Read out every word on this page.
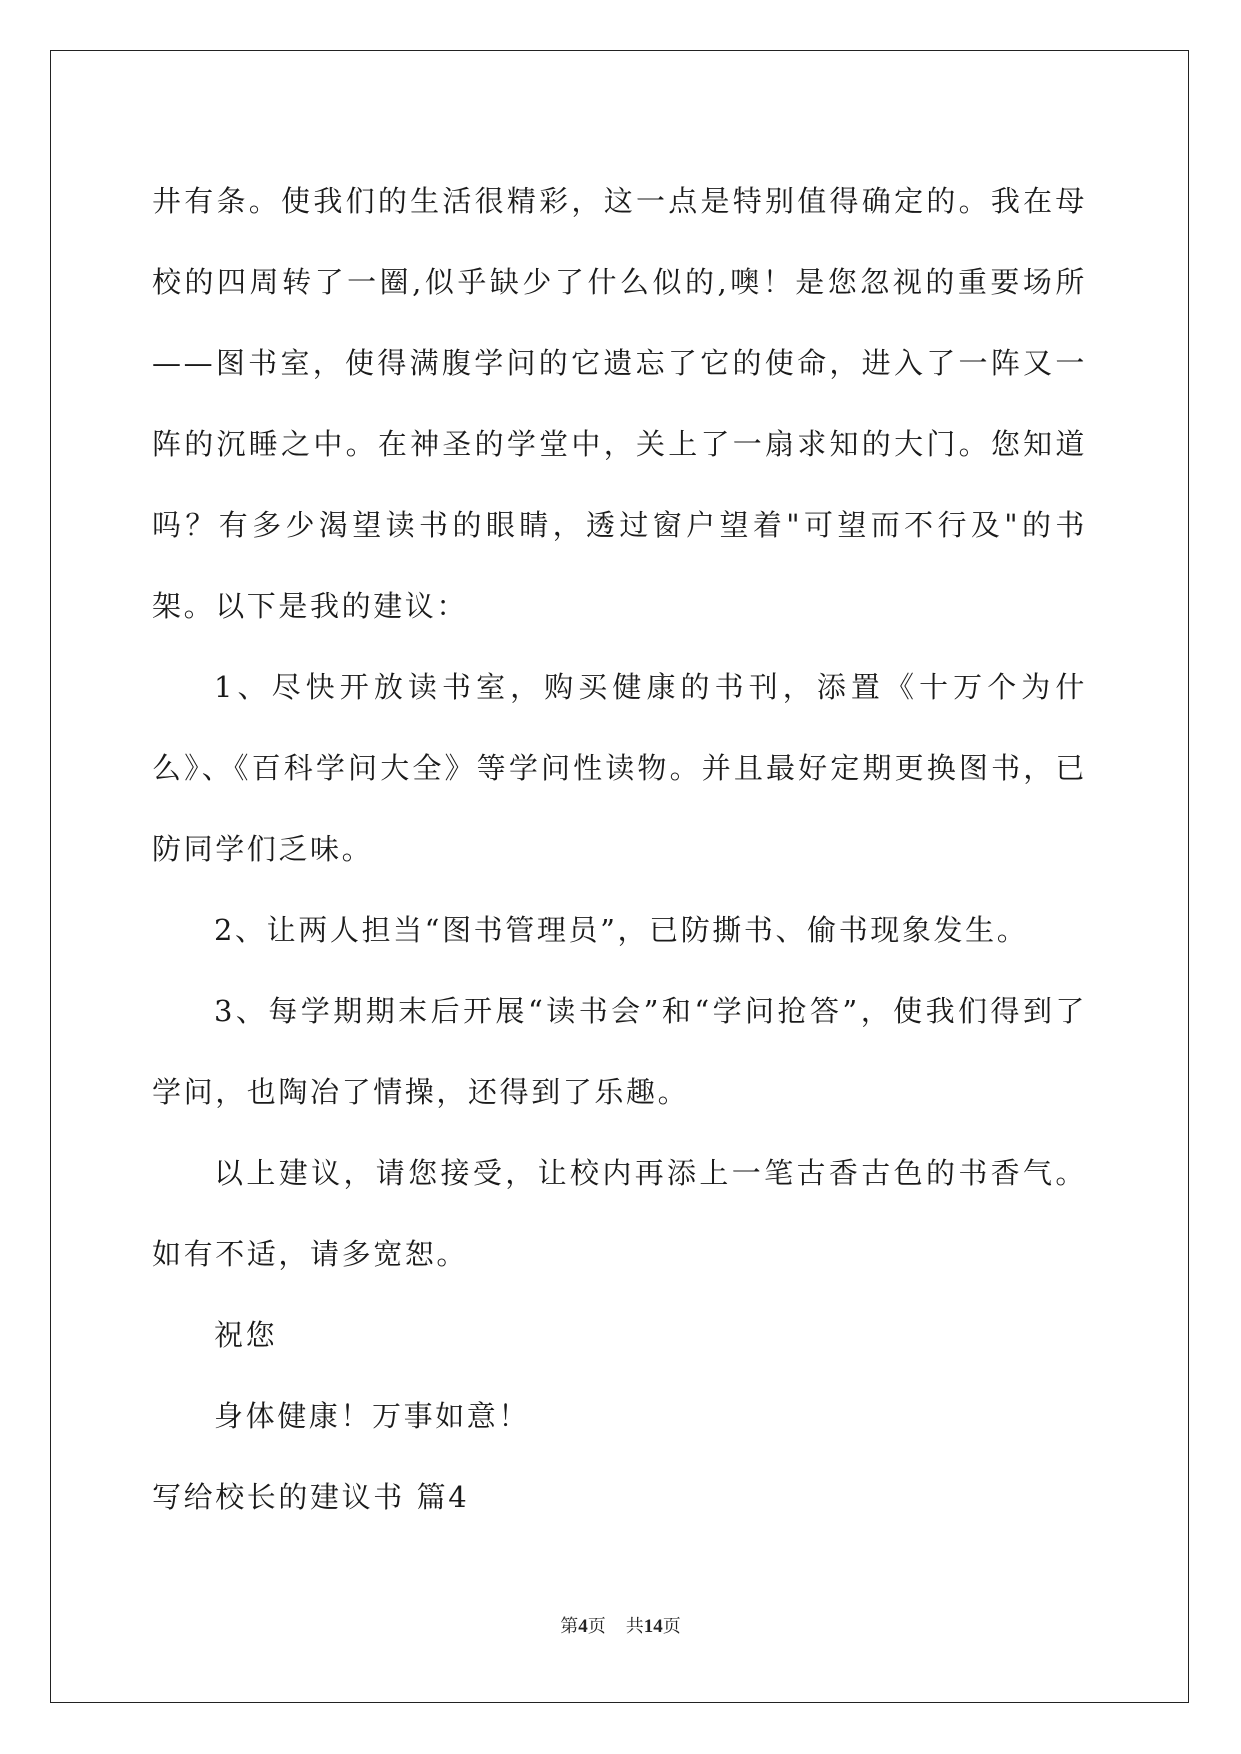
井有条。使我们的生活很精彩，这一点是特别值得确定的。我在母校的四周转了一圈,似乎缺少了什么似的,噢！是您忽视的重要场所——图书室，使得满腹学问的它遗忘了它的使命，进入了一阵又一阵的沉睡之中。在神圣的学堂中，关上了一扇求知的大门。您知道吗？有多少渴望读书的眼睛，透过窗户望着"可望而不行及"的书架。以下是我的建议：

1、尽快开放读书室，购买健康的书刊，添置《十万个为什么》、《百科学问大全》等学问性读物。并且最好定期更换图书，已防同学们乏味。

2、让两人担当“图书管理员”，已防撕书、偷书现象发生。

3、每学期期末后开展“读书会”和“学问抢答”，使我们得到了学问，也陶冶了情操，还得到了乐趣。

以上建议，请您接受，让校内再添上一笔古香古色的书香气。如有不适，请多宽恕。

祝您

身体健康！万事如意！

写给校长的建议书 篇4

第4页 共14页
